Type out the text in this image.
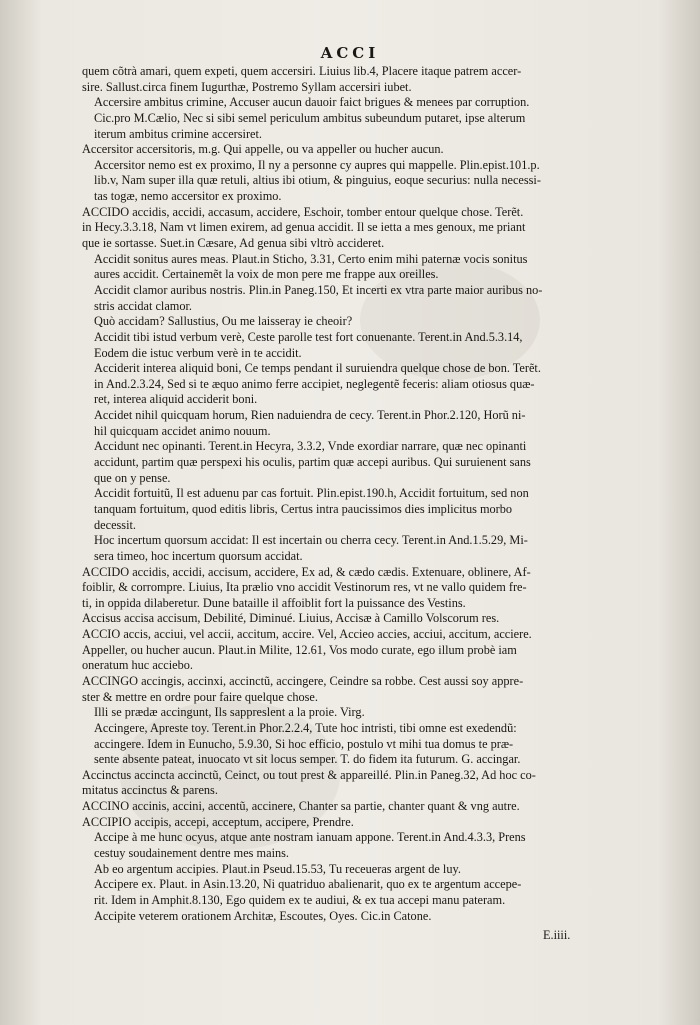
ACCI
quem cõtrà amari, quem expeti, quem accersiri. Liuius lib.4, Placere itaque patrem accer-
sire. Sallust.circa finem Iugurthæ, Postremo Syllam accersiri iubet.
Accersire ambitus crimine, Accuser aucun dauoir faict brigues & menees par corruption.
Cic.pro M.Cælio, Nec si sibi semel periculum ambitus subeundum putaret, ipse alterum
iterum ambitus crimine accersiret.
Accersitor accersitoris, m.g. Qui appelle, ou va appeller ou hucher aucun.
Accersitor nemo est ex proximo, Il ny a personne cy aupres qui mappelle. Plin.epist.101.p.
lib.v, Nam super illa quæ retuli, altius ibi otium, & pinguius, eoque securius: nulla necessi-
tas togæ, nemo accersitor ex proximo.
ACCIDO accidis, accidi, accasum, accidere, Eschoir, tomber entour quelque chose. Terẽt.
in Hecy.3.3.18, Nam vt limen exirem, ad genua accidit. Il se ietta a mes genoux, me priant
que ie sortasse. Suet.in Cæsare, Ad genua sibi vltrò accideret.
Accidit sonitus aures meas. Plaut.in Sticho, 3.31, Certo enim mihi paternæ vocis sonitus
aures accidit. Certainemẽt la voix de mon pere me frappe aux oreilles.
Accidit clamor auribus nostris. Plin.in Paneg.150, Et incerti ex vtra parte maior auribus no-
stris accidat clamor.
Quò accidam? Sallustius, Ou me laisseray ie cheoir?
Accidit tibi istud verbum verè, Ceste parolle test fort conuenante. Terent.in And.5.3.14,
Eodem die istuc verbum verè in te accidit.
Acciderit interea aliquid boni, Ce temps pendant il suruiendra quelque chose de bon. Terẽt.
in And.2.3.24, Sed si te æquo animo ferre accipiet, neglegentẽ feceris: aliam otiosus quæ-
ret, interea aliquid acciderit boni.
Accidet nihil quicquam horum, Rien naduiendra de cecy. Terent.in Phor.2.120, Horũ ni-
hil quicquam accidet animo nouum.
Accidunt nec opinanti. Terent.in Hecyra, 3.3.2, Vnde exordiar narrare, quæ nec opinanti
accidunt, partim quæ perspexi his oculis, partim quæ accepi auribus. Qui suruienent sans
que on y pense.
Accidit fortuitũ, Il est aduenu par cas fortuit. Plin.epist.190.h, Accidit fortuitum, sed non
tanquam fortuitum, quod editis libris, Certus intra paucissimos dies implicitus morbo
decessit.
Hoc incertum quorsum accidat: Il est incertain ou cherra cecy. Terent.in And.1.5.29, Mi-
sera timeo, hoc incertum quorsum accidat.
ACCIDO accidis, accidi, accisum, accidere, Ex ad, & cædo cædis. Extenuare, oblinere, Af-
foiblir, & corrompre. Liuius, Ita prælio vno accidit Vestinorum res, vt ne vallo quidem fre-
ti, in oppida dilaberetur. Dune bataille il affoiblit fort la puissance des Vestins.
Accisus accisa accisum, Debilité, Diminué. Liuius, Accisæ à Camillo Volscorum res.
ACCIO accis, acciui, vel accii, accitum, accire. Vel, Accieo accies, acciui, accitum, acciere.
Appeller, ou hucher aucun. Plaut.in Milite, 12.61, Vos modo curate, ego illum probè iam
oneratum huc acciebo.
ACCINGO accingis, accinxi, accinctũ, accingere, Ceindre sa robbe. Cest aussi soy appre-
ster & mettre en ordre pour faire quelque chose.
Illi se prædæ accingunt, Ils sappreslent a la proie. Virg.
Accingere, Apreste toy. Terent.in Phor.2.2.4, Tute hoc intristi, tibi omne est exedendũ:
accingere. Idem in Eunucho, 5.9.30, Si hoc efficio, postulo vt mihi tua domus te præ-
sente absente pateat, inuocato vt sit locus semper. T. do fidem ita futurum. G. accingar.
Accinctus accincta accinctũ, Ceinct, ou tout prest & appareillé. Plin.in Paneg.32, Ad hoc co-
mitatus accinctus & parens.
ACCINO accinis, accini, accentũ, accinere, Chanter sa partie, chanter quant & vng autre.
ACCIPIO accipis, accepi, acceptum, accipere, Prendre.
Accipe à me hunc ocyus, atque ante nostram ianuam appone. Terent.in And.4.3.3, Prens
cestuy soudainement dentre mes mains.
Ab eo argentum accipies. Plaut.in Pseud.15.53, Tu receueras argent de luy.
Accipere ex. Plaut. in Asin.13.20, Ni quatriduo abalienarit, quo ex te argentum accepe-
rit. Idem in Amphit.8.130, Ego quidem ex te audiui, & ex tua accepi manu pateram.
Accipite veterem orationem Architæ, Escoutes, Oyes. Cic.in Catone.
E.iiii.
